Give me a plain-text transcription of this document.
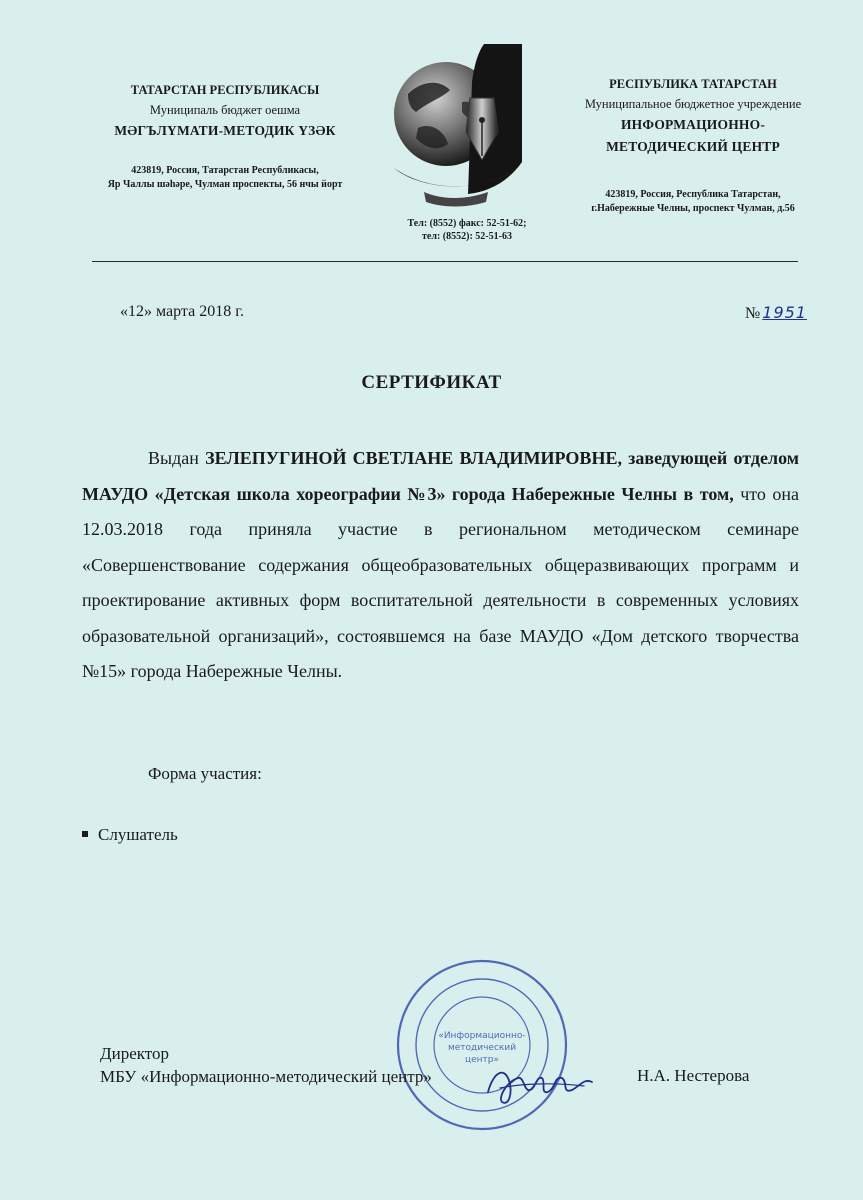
ТАТАРСТАН РЕСПУБЛИКАСЫ
Муниципаль бюджет оешма
МӘГЪЛҮМАТИ-МЕТОДИК ҮЗӘК
423819, Россия, Татарстан Республикасы,
Яр Чаллы шәһәре, Чулман проспекты, 56 нчы йорт
РЕСПУБЛИКА ТАТАРСТАН
Муниципальное бюджетное учреждение
ИНФОРМАЦИОННО-
МЕТОДИЧЕСКИЙ ЦЕНТР
423819, Россия, Республика Татарстан,
г.Набережные Челны, проспект Чулман, д.56
Тел: (8552) факс: 52-51-62;
тел: (8552): 52-51-63
«12» марта 2018 г.	№ 1951
СЕРТИФИКАТ

Выдан ЗЕЛЕПУГИНОЙ СВЕТЛАНЕ ВЛАДИМИРОВНЕ, заведующей отделом МАУДО «Детская школа хореографии №3» города Набережные Челны в том, что она 12.03.2018 года приняла участие в региональном методическом семинаре «Совершенствование содержания общеобразовательных общеразвивающих программ и проектирование активных форм воспитательной деятельности в современных условиях образовательной организаций», состоявшемся на базе МАУДО «Дом детского творчества №15» города Набережные Челны.

Форма участия:
Слушатель
«Информационно-
методический
центр»
Директор
МБУ «Информационно-методический центр»	Н.А. Нестерова
